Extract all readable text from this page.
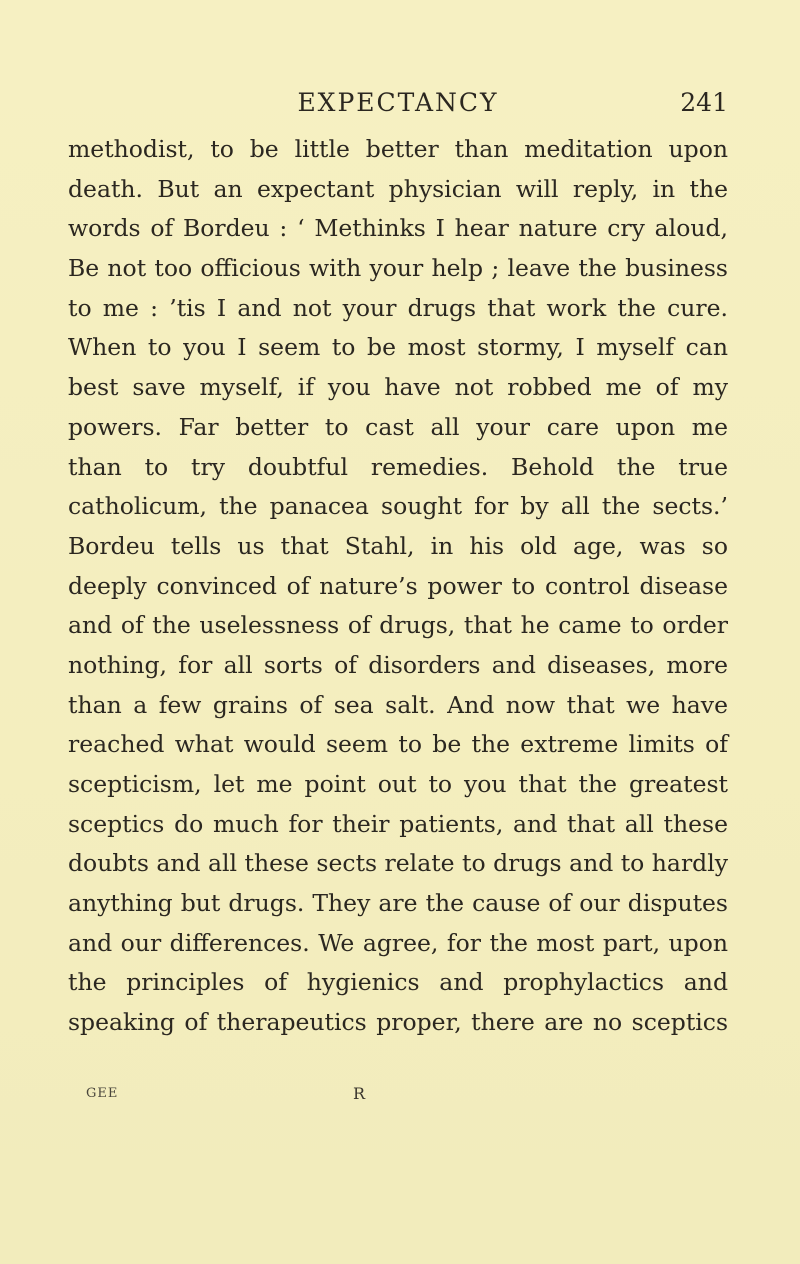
EXPECTANCY	241
methodist, to be little better than meditation upon
death. But an expectant physician will reply, in the
words of Bordeu : ‘ Methinks I hear nature cry aloud,
Be not too officious with your help ; leave the business
to me : ’tis I and not your drugs that work the cure.
When to you I seem to be most stormy, I myself can
best save myself, if you have not robbed me of my
powers. Far better to cast all your care upon me
than to try doubtful remedies. Behold the true
catholicum, the panacea sought for by all the sects.’
Bordeu tells us that Stahl, in his old age, was so
deeply convinced of nature’s power to control disease
and of the uselessness of drugs, that he came to order
nothing, for all sorts of disorders and diseases, more
than a few grains of sea salt. And now that we have
reached what would seem to be the extreme limits of
scepticism, let me point out to you that the greatest
sceptics do much for their patients, and that all these
doubts and all these sects relate to drugs and to hardly
anything but drugs. They are the cause of our disputes
and our differences. We agree, for the most part, upon
the principles of hygienics and prophylactics and
speaking of therapeutics proper, there are no sceptics
GEE	R
